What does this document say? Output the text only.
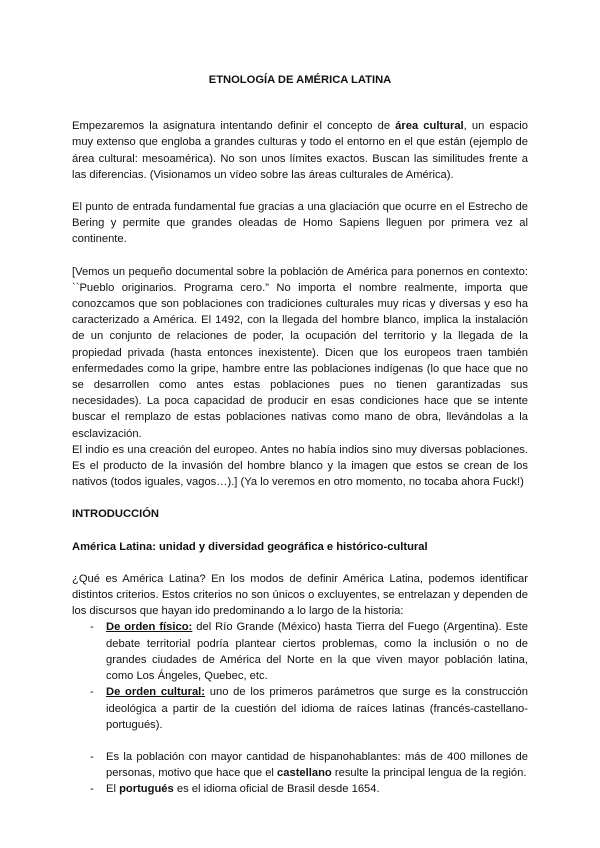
ETNOLOGÍA DE AMÉRICA LATINA

Empezaremos la asignatura intentando definir el concepto de área cultural, un espacio muy extenso que engloba a grandes culturas y todo el entorno en el que están (ejemplo de área cultural: mesoamérica). No son unos límites exactos. Buscan las similitudes frente a las diferencias. (Visionamos un vídeo sobre las áreas culturales de América).

El punto de entrada fundamental fue gracias a una glaciación que ocurre en el Estrecho de Bering y permite que grandes oleadas de Homo Sapiens lleguen por primera vez al continente.

[Vemos un pequeño documental sobre la población de América para ponernos en contexto: ``Pueblo originarios. Programa cero.” No importa el nombre realmente, importa que conozcamos que son poblaciones con tradiciones culturales muy ricas y diversas y eso ha caracterizado a América. El 1492, con la llegada del hombre blanco, implica la instalación de un conjunto de relaciones de poder, la ocupación del territorio y la llegada de la propiedad privada (hasta entonces inexistente). Dicen que los europeos traen también enfermedades como la gripe, hambre entre las poblaciones indígenas (lo que hace que no se desarrollen como antes estas poblaciones pues no tienen garantizadas sus necesidades). La poca capacidad de producir en esas condiciones hace que se intente buscar el remplazo de estas poblaciones nativas como mano de obra, llevándolas a la esclavización.

El indio es una creación del europeo. Antes no había indios sino muy diversas poblaciones. Es el producto de la invasión del hombre blanco y la imagen que estos se crean de los nativos (todos iguales, vagos…).] (Ya lo veremos en otro momento, no tocaba ahora Fuck!)

INTRODUCCIÓN
América Latina: unidad y diversidad geográfica e histórico-cultural

¿Qué es América Latina? En los modos de definir América Latina, podemos identificar distintos criterios. Estos criterios no son únicos o excluyentes, se entrelazan y dependen de los discursos que hayan ido predominando a lo largo de la historia:

- De orden físico: del Río Grande (México) hasta Tierra del Fuego (Argentina). Este debate territorial podría plantear ciertos problemas, como la inclusión o no de grandes ciudades de América del Norte en la que viven mayor población latina, como Los Ángeles, Quebec, etc.
- De orden cultural: uno de los primeros parámetros que surge es la construcción ideológica a partir de la cuestión del idioma de raíces latinas (francés-castellano-portugués).
- Es la población con mayor cantidad de hispanohablantes: más de 400 millones de personas, motivo que hace que el castellano resulte la principal lengua de la región.
- El portugués es el idioma oficial de Brasil desde 1654.
